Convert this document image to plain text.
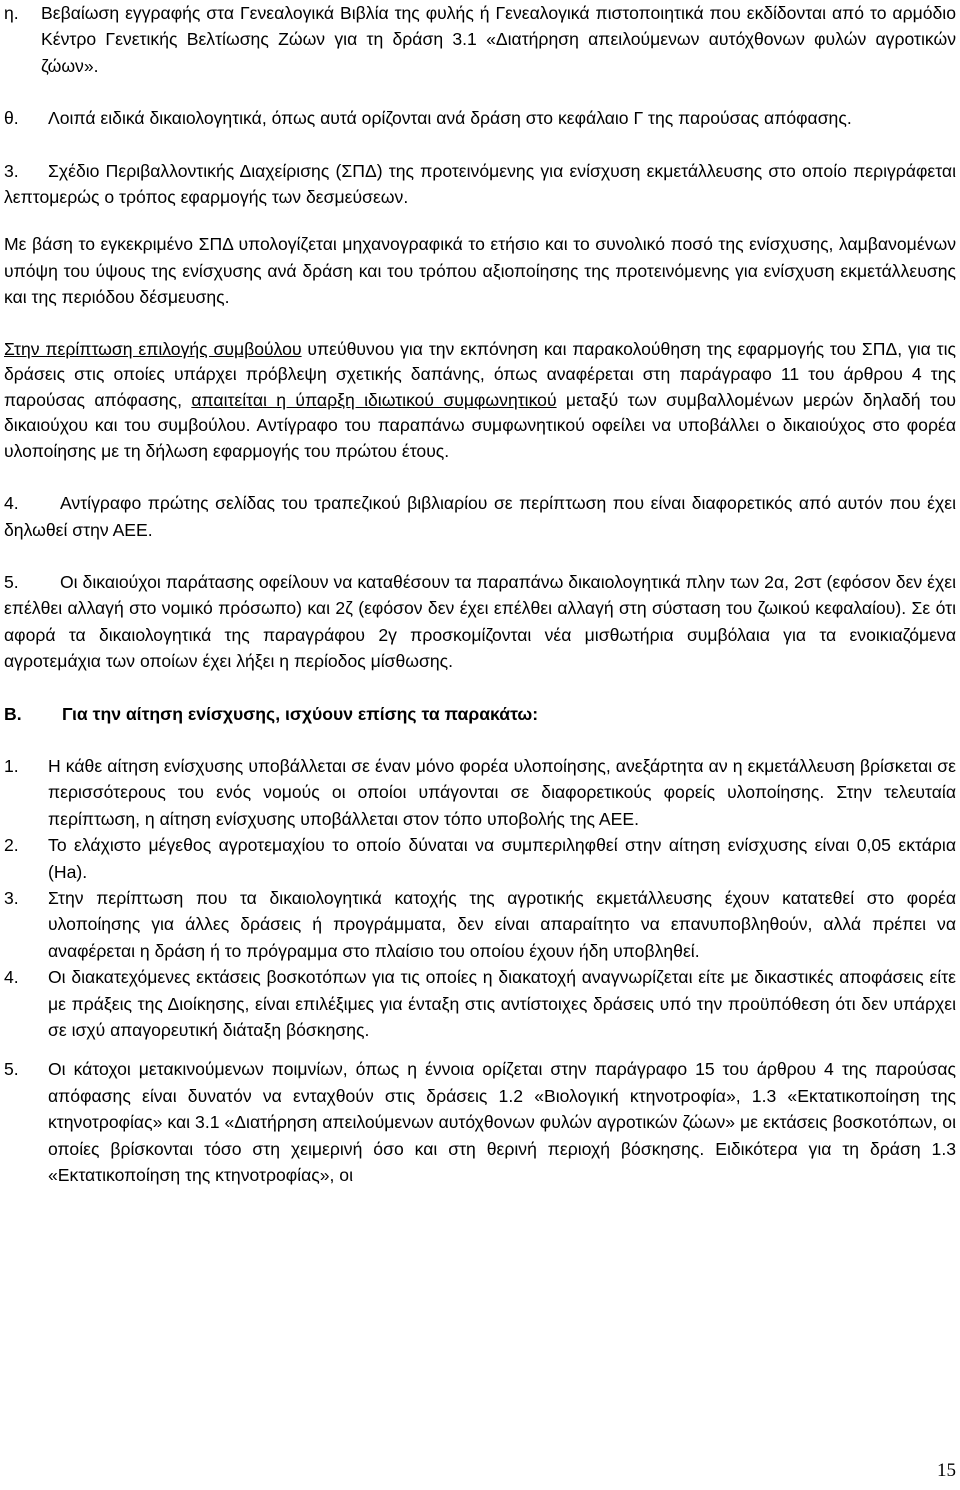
η.	Βεβαίωση εγγραφής στα Γενεαλογικά Βιβλία της φυλής ή Γενεαλογικά πιστοποιητικά που εκδίδονται από το αρμόδιο Κέντρο Γενετικής Βελτίωσης Ζώων για τη δράση 3.1 «Διατήρηση απειλούμενων αυτόχθονων φυλών αγροτικών ζώων».
θ.	Λοιπά ειδικά δικαιολογητικά, όπως αυτά ορίζονται ανά δράση στο κεφάλαιο Γ της παρούσας απόφασης.

3. Σχέδιο Περιβαλλοντικής Διαχείρισης (ΣΠΔ) της προτεινόμενης για ενίσχυση εκμετάλλευσης στο οποίο περιγράφεται λεπτομερώς ο τρόπος εφαρμογής των δεσμεύσεων.

Με βάση το εγκεκριμένο ΣΠΔ υπολογίζεται μηχανογραφικά το ετήσιο και το συνολικό ποσό της ενίσχυσης, λαμβανομένων υπόψη του ύψους της ενίσχυσης ανά δράση και του τρόπου αξιοποίησης της προτεινόμενης για ενίσχυση εκμετάλλευσης και της περιόδου δέσμευσης.

Στην περίπτωση επιλογής συμβούλου υπεύθυνου για την εκπόνηση και παρακολούθηση της εφαρμογής του ΣΠΔ, για τις δράσεις στις οποίες υπάρχει πρόβλεψη σχετικής δαπάνης, όπως αναφέρεται στη παράγραφο 11 του άρθρου 4 της παρούσας απόφασης, απαιτείται η ύπαρξη ιδιωτικού συμφωνητικού μεταξύ των συμβαλλομένων μερών δηλαδή του δικαιούχου και του συμβούλου. Αντίγραφο του παραπάνω συμφωνητικού οφείλει να υποβάλλει ο δικαιούχος στο φορέα υλοποίησης με τη δήλωση εφαρμογής του πρώτου έτους.

4. Αντίγραφο πρώτης σελίδας του τραπεζικού βιβλιαρίου σε περίπτωση που είναι διαφορετικός από αυτόν που έχει δηλωθεί στην ΑΕΕ.

5. Οι δικαιούχοι παράτασης οφείλουν να καταθέσουν τα παραπάνω δικαιολογητικά πλην των 2α, 2στ (εφόσον δεν έχει επέλθει αλλαγή στο νομικό πρόσωπο) και 2ζ (εφόσον δεν έχει επέλθει αλλαγή στη σύσταση του ζωικού κεφαλαίου). Σε ότι αφορά τα δικαιολογητικά της παραγράφου 2γ προσκομίζονται νέα μισθωτήρια συμβόλαια για τα ενοικιαζόμενα αγροτεμάχια των οποίων έχει λήξει η περίοδος μίσθωσης.

Β.	Για την αίτηση ενίσχυσης, ισχύουν επίσης τα παρακάτω:
1.	Η κάθε αίτηση ενίσχυσης υποβάλλεται σε έναν μόνο φορέα υλοποίησης, ανεξάρτητα αν η εκμετάλλευση βρίσκεται σε περισσότερους του ενός νομούς οι οποίοι υπάγονται σε διαφορετικούς φορείς υλοποίησης. Στην τελευταία περίπτωση, η αίτηση ενίσχυσης υποβάλλεται στον τόπο υποβολής της ΑΕΕ.
2.	Το ελάχιστο μέγεθος αγροτεμαχίου το οποίο δύναται να συμπεριληφθεί στην αίτηση ενίσχυσης είναι 0,05 εκτάρια (Ha).
3.	Στην περίπτωση που τα δικαιολογητικά κατοχής της αγροτικής εκμετάλλευσης έχουν κατατεθεί στο φορέα υλοποίησης για άλλες δράσεις ή προγράμματα, δεν είναι απαραίτητο να επανυποβληθούν, αλλά πρέπει να αναφέρεται η δράση ή το πρόγραμμα στο πλαίσιο του οποίου έχουν ήδη υποβληθεί.
4.	Οι διακατεχόμενες εκτάσεις βοσκοτόπων για τις οποίες η διακατοχή αναγνωρίζεται είτε με δικαστικές αποφάσεις είτε με πράξεις της Διοίκησης, είναι επιλέξιμες για ένταξη στις αντίστοιχες δράσεις υπό την προϋπόθεση ότι δεν υπάρχει σε ισχύ απαγορευτική διάταξη βόσκησης.
5.	Οι κάτοχοι μετακινούμενων ποιμνίων, όπως η έννοια ορίζεται στην παράγραφο 15 του άρθρου 4 της παρούσας απόφασης είναι δυνατόν να ενταχθούν στις δράσεις 1.2 «Βιολογική κτηνοτροφία», 1.3 «Εκτατικοποίηση της κτηνοτροφίας» και 3.1 «Διατήρηση απειλούμενων αυτόχθονων φυλών αγροτικών ζώων» με εκτάσεις βοσκοτόπων, οι οποίες βρίσκονται τόσο στη χειμερινή όσο και στη θερινή περιοχή βόσκησης. Ειδικότερα για τη δράση 1.3 «Εκτατικοποίηση της κτηνοτροφίας», οι
15
